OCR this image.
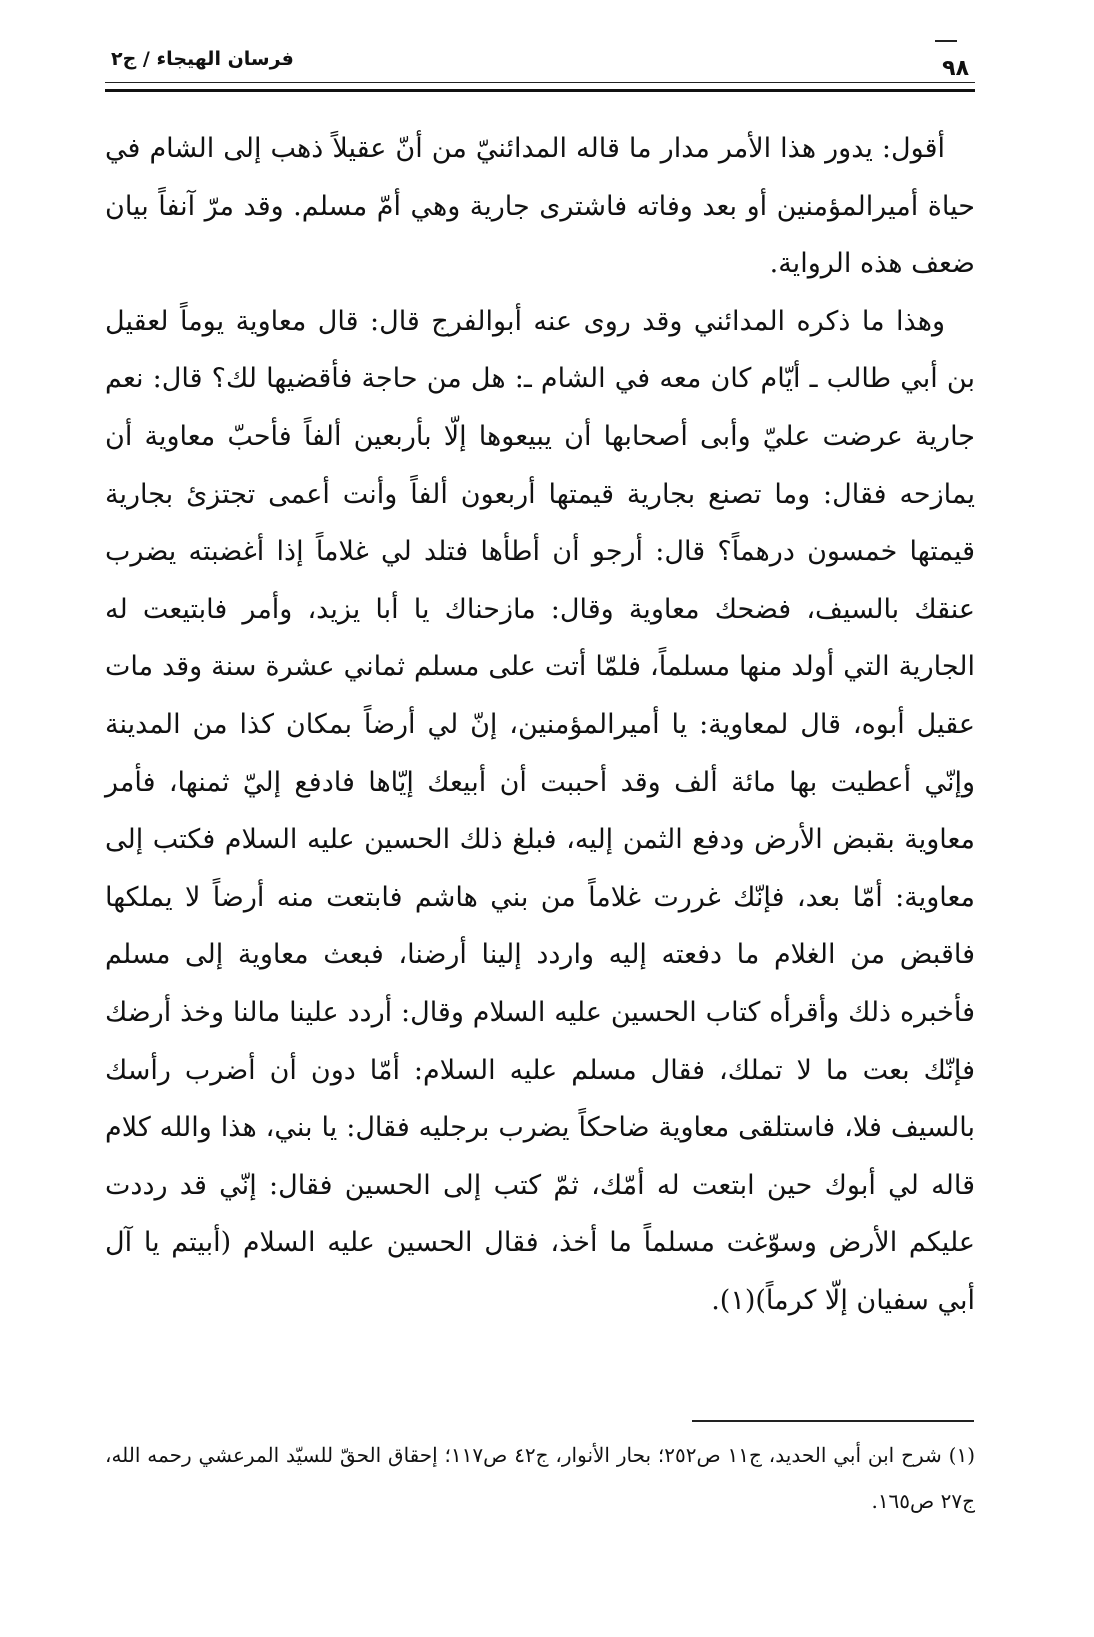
فرسان الهيجاء / ج٢	٩٨

أقول: يدور هذا الأمر مدار ما قاله المدائنيّ من أنّ عقيلاً ذهب إلى الشام في حياة أميرالمؤمنين أو بعد وفاته فاشترى جارية وهي أمّ مسلم. وقد مرّ آنفاً بيان ضعف هذه الرواية.

وهذا ما ذكره المدائني وقد روى عنه أبوالفرج قال: قال معاوية يوماً لعقيل بن أبي طالب ـ أيّام كان معه في الشام ـ: هل من حاجة فأقضيها لك؟ قال: نعم جارية عرضت عليّ وأبى أصحابها أن يبيعوها إلّا بأربعين ألفاً فأحبّ معاوية أن يمازحه فقال: وما تصنع بجارية قيمتها أربعون ألفاً وأنت أعمى تجتزئ بجارية قيمتها خمسون درهماً؟ قال: أرجو أن أطأها فتلد لي غلاماً إذا أغضبته يضرب عنقك بالسيف، فضحك معاوية وقال: مازحناك يا أبا يزيد، وأمر فابتيعت له الجارية التي أولد منها مسلماً، فلمّا أتت على مسلم ثماني عشرة سنة وقد مات عقيل أبوه، قال لمعاوية: يا أميرالمؤمنين، إنّ لي أرضاً بمكان كذا من المدينة وإنّي أعطيت بها مائة ألف وقد أحببت أن أبيعك إيّاها فادفع إليّ ثمنها، فأمر معاوية بقبض الأرض ودفع الثمن إليه، فبلغ ذلك الحسين عليه السلام فكتب إلى معاوية: أمّا بعد، فإنّك غررت غلاماً من بني هاشم فابتعت منه أرضاً لا يملكها فاقبض من الغلام ما دفعته إليه واردد إلينا أرضنا، فبعث معاوية إلى مسلم فأخبره ذلك وأقرأه كتاب الحسين عليه السلام وقال: أردد علينا مالنا وخذ أرضك فإنّك بعت ما لا تملك، فقال مسلم عليه السلام: أمّا دون أن أضرب رأسك بالسيف فلا، فاستلقى معاوية ضاحكاً يضرب برجليه فقال: يا بني، هذا والله كلام قاله لي أبوك حين ابتعت له أمّك، ثمّ كتب إلى الحسين فقال: إنّي قد رددت عليكم الأرض وسوّغت مسلماً ما أخذ، فقال الحسين عليه السلام (أبيتم يا آل أبي سفيان إلّا كرماً)(١).

(١) شرح ابن أبي الحديد، ج١١ ص٢٥٢؛ بحار الأنوار، ج٤٢ ص١١٧؛ إحقاق الحقّ للسيّد المرعشي رحمه الله، ج٢٧ ص١٦٥.
